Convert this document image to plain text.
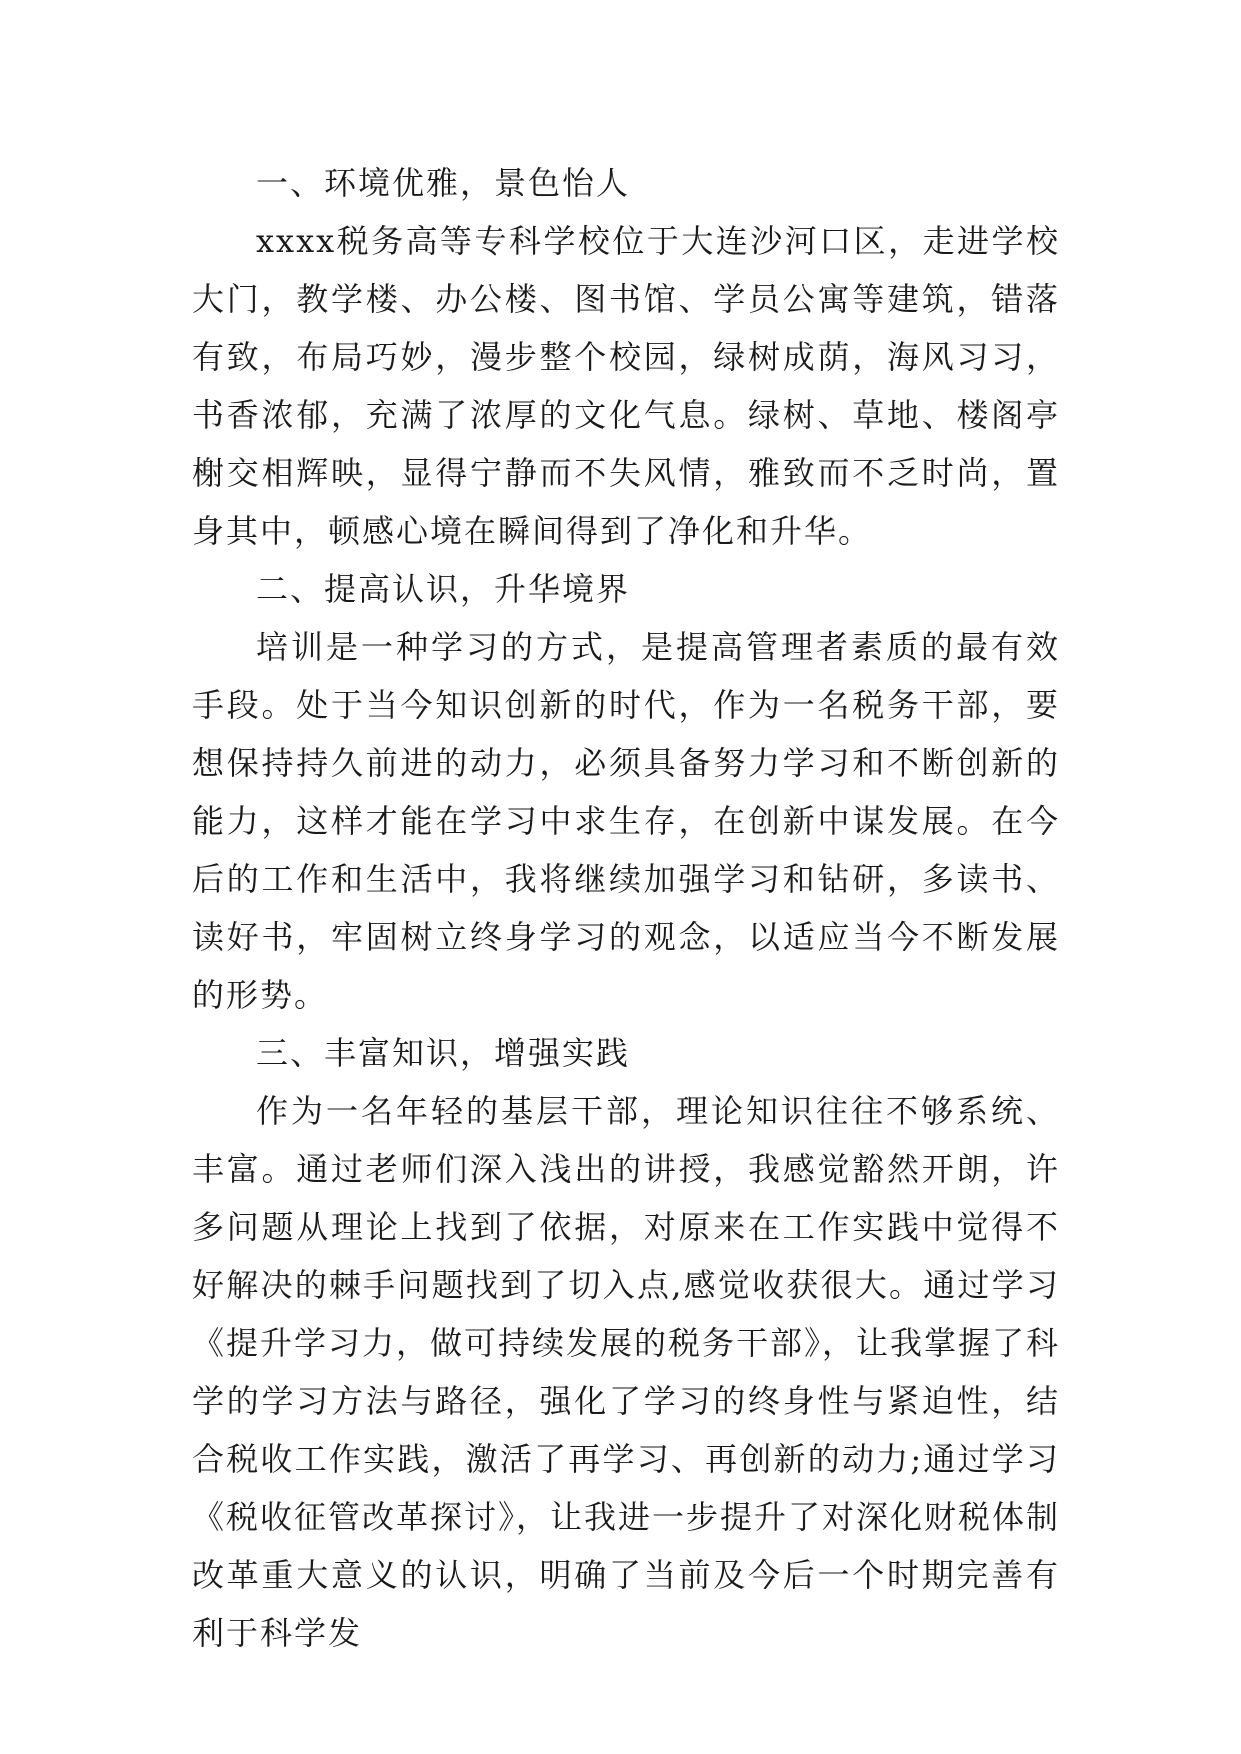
一、环境优雅，景色怡人

xxxx税务高等专科学校位于大连沙河口区，走进学校大门，教学楼、办公楼、图书馆、学员公寓等建筑，错落有致，布局巧妙，漫步整个校园，绿树成荫，海风习习，书香浓郁，充满了浓厚的文化气息。绿树、草地、楼阁亭榭交相辉映，显得宁静而不失风情，雅致而不乏时尚，置身其中，顿感心境在瞬间得到了净化和升华。

二、提高认识，升华境界

培训是一种学习的方式，是提高管理者素质的最有效手段。处于当今知识创新的时代，作为一名税务干部，要想保持持久前进的动力，必须具备努力学习和不断创新的能力，这样才能在学习中求生存，在创新中谋发展。在今后的工作和生活中，我将继续加强学习和钻研，多读书、读好书，牢固树立终身学习的观念，以适应当今不断发展的形势。

三、丰富知识，增强实践

作为一名年轻的基层干部，理论知识往往不够系统、丰富。通过老师们深入浅出的讲授，我感觉豁然开朗，许多问题从理论上找到了依据，对原来在工作实践中觉得不好解决的棘手问题找到了切入点,感觉收获很大。通过学习《提升学习力，做可持续发展的税务干部》，让我掌握了科学的学习方法与路径，强化了学习的终身性与紧迫性，结合税收工作实践，激活了再学习、再创新的动力;通过学习《税收征管改革探讨》，让我进一步提升了对深化财税体制改革重大意义的认识，明确了当前及今后一个时期完善有利于科学发
